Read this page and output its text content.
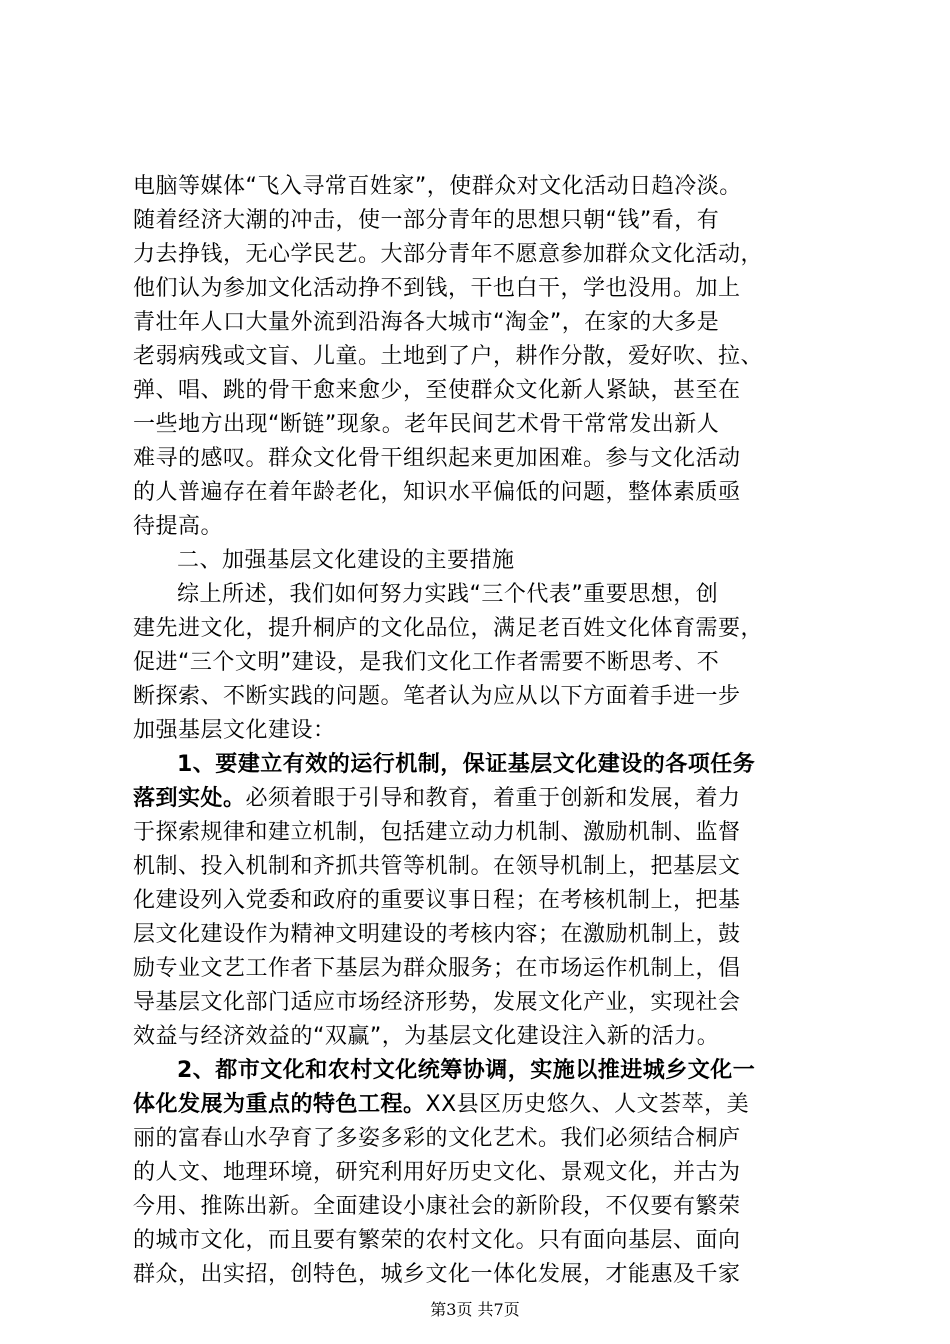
电脑等媒体“飞入寻常百姓家”，使群众对文化活动日趋冷淡。
随着经济大潮的冲击，使一部分青年的思想只朝“钱”看，有
力去挣钱，无心学民艺。大部分青年不愿意参加群众文化活动，
他们认为参加文化活动挣不到钱，干也白干，学也没用。加上
青壮年人口大量外流到沿海各大城市“淘金”，在家的大多是
老弱病残或文盲、儿童。土地到了户，耕作分散，爱好吹、拉、
弹、唱、跳的骨干愈来愈少，至使群众文化新人紧缺，甚至在
一些地方出现“断链”现象。老年民间艺术骨干常常发出新人
难寻的感叹。群众文化骨干组织起来更加困难。参与文化活动
的人普遍存在着年龄老化，知识水平偏低的问题，整体素质亟
待提高。
二、加强基层文化建设的主要措施
综上所述，我们如何努力实践“三个代表”重要思想，创
建先进文化，提升桐庐的文化品位，满足老百姓文化体育需要，
促进“三个文明”建设，是我们文化工作者需要不断思考、不
断探索、不断实践的问题。笔者认为应从以下方面着手进一步
加强基层文化建设：
1、要建立有效的运行机制，保证基层文化建设的各项任务
落到实处。必须着眼于引导和教育，着重于创新和发展，着力
于探索规律和建立机制，包括建立动力机制、激励机制、监督
机制、投入机制和齐抓共管等机制。在领导机制上，把基层文
化建设列入党委和政府的重要议事日程；在考核机制上，把基
层文化建设作为精神文明建设的考核内容；在激励机制上，鼓
励专业文艺工作者下基层为群众服务；在市场运作机制上，倡
导基层文化部门适应市场经济形势，发展文化产业，实现社会
效益与经济效益的“双赢”，为基层文化建设注入新的活力。
2、都市文化和农村文化统筹协调，实施以推进城乡文化一
体化发展为重点的特色工程。XX县区历史悠久、人文荟萃，美
丽的富春山水孕育了多姿多彩的文化艺术。我们必须结合桐庐
的人文、地理环境，研究利用好历史文化、景观文化，并古为
今用、推陈出新。全面建设小康社会的新阶段，不仅要有繁荣
的城市文化，而且要有繁荣的农村文化。只有面向基层、面向
群众，出实招，创特色，城乡文化一体化发展，才能惠及千家
第3页 共7页
